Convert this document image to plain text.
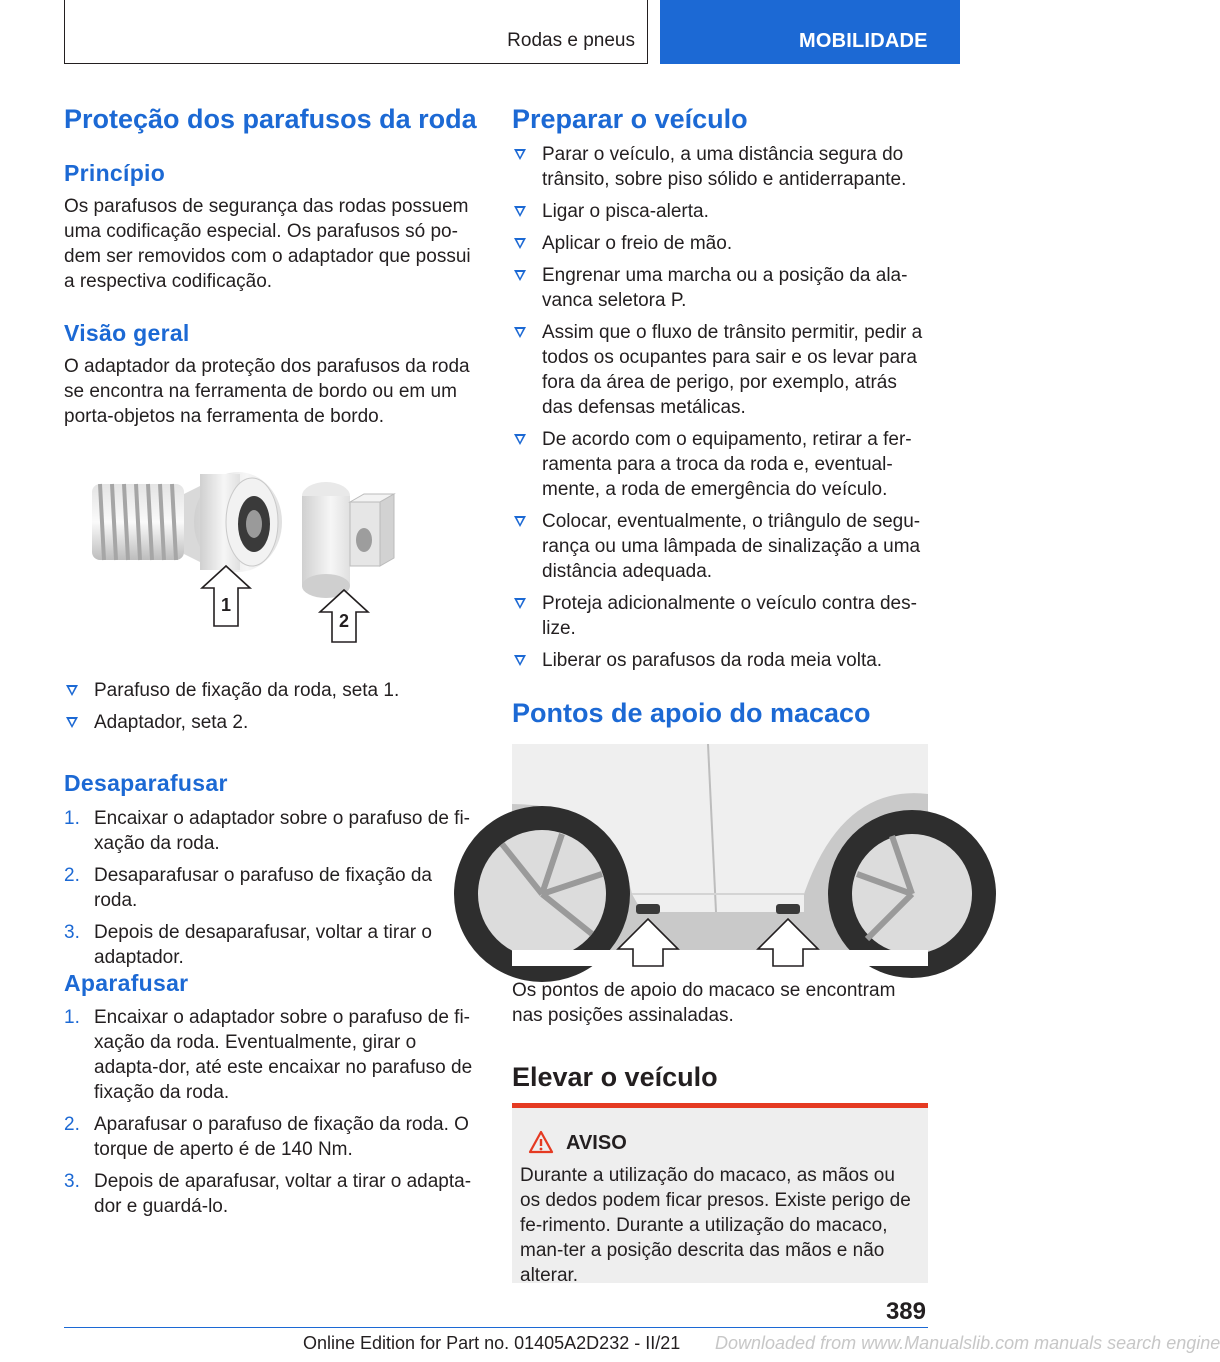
Rodas e pneus	MOBILIDADE
Proteção dos parafusos da roda
Princípio

Os parafusos de segurança das rodas possuem uma codificação especial. Os parafusos só po-dem ser removidos com o adaptador que possui a respectiva codificação.

Visão geral

O adaptador da proteção dos parafusos da roda se encontra na ferramenta de bordo ou em um porta-objetos na ferramenta de bordo.

1
2
Parafuso de fixação da roda, seta 1.
Adaptador, seta 2.
Desaparafusar
1. Encaixar o adaptador sobre o parafuso de fi-xação da roda.
2. Desaparafusar o parafuso de fixação da roda.
3. Depois de desaparafusar, voltar a tirar o adaptador.
Aparafusar
1. Encaixar o adaptador sobre o parafuso de fi-xação da roda. Eventualmente, girar o adapta-dor, até este encaixar no parafuso de fixação da roda.
2. Aparafusar o parafuso de fixação da roda. O torque de aperto é de 140 Nm.
3. Depois de aparafusar, voltar a tirar o adapta-dor e guardá-lo.
Preparar o veículo
Parar o veículo, a uma distância segura do trânsito, sobre piso sólido e antiderrapante.
Ligar o pisca-alerta.
Aplicar o freio de mão.
Engrenar uma marcha ou a posição da ala-vanca seletora P.
Assim que o fluxo de trânsito permitir, pedir a todos os ocupantes para sair e os levar para fora da área de perigo, por exemplo, atrás das defensas metálicas.
De acordo com o equipamento, retirar a fer-ramenta para a troca da roda e, eventual-mente, a roda de emergência do veículo.
Colocar, eventualmente, o triângulo de segu-rança ou uma lâmpada de sinalização a uma distância adequada.
Proteja adicionalmente o veículo contra des-lize.
Liberar os parafusos da roda meia volta.
Pontos de apoio do macaco

Os pontos de apoio do macaco se encontram nas posições assinaladas.

Elevar o veículo
AVISO

Durante a utilização do macaco, as mãos ou os dedos podem ficar presos. Existe perigo de fe-rimento. Durante a utilização do macaco, man-ter a posição descrita das mãos e não alterar.

389
Online Edition for Part no. 01405A2D232 - II/21 Downloaded from www.Manualslib.com manuals search engine
